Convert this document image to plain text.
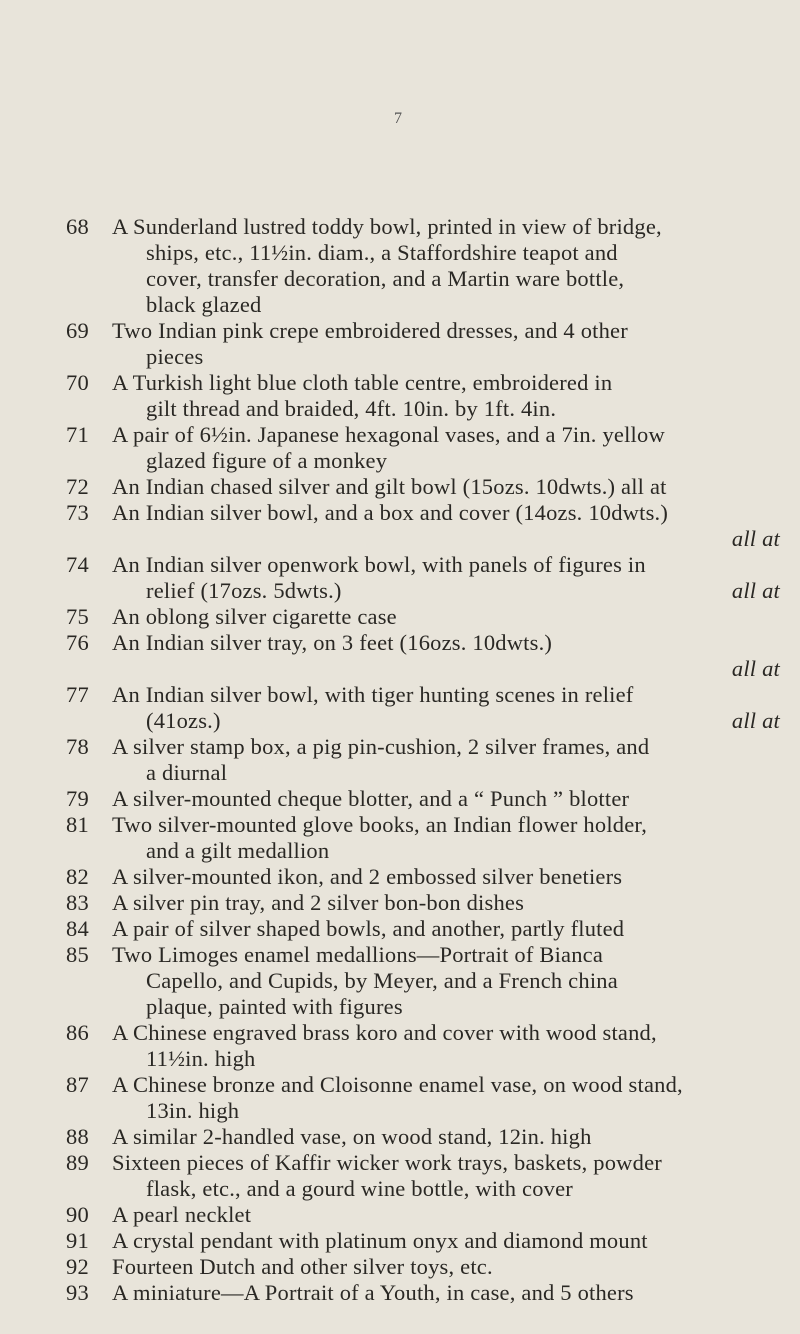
7
68	A Sunderland lustred toddy bowl, printed in view of bridge,
ships, etc., 11½in. diam., a Staffordshire teapot and
cover, transfer decoration, and a Martin ware bottle,
black glazed
69	Two Indian pink crepe embroidered dresses, and 4 other
pieces
70	A Turkish light blue cloth table centre, embroidered in
gilt thread and braided, 4ft. 10in. by 1ft. 4in.
71	A pair of 6½in. Japanese hexagonal vases, and a 7in. yellow
glazed figure of a monkey
72	An Indian chased silver and gilt bowl (15ozs. 10dwts.) all at
73	An Indian silver bowl, and a box and cover (14ozs. 10dwts.)
all at
74	An Indian silver openwork bowl, with panels of figures in
relief (17ozs. 5dwts.)	all at
75	An oblong silver cigarette case
76	An Indian silver tray, on 3 feet (16ozs. 10dwts.)
all at
77	An Indian silver bowl, with tiger hunting scenes in relief
(41ozs.)	all at
78	A silver stamp box, a pig pin-cushion, 2 silver frames, and
a diurnal
79	A silver-mounted cheque blotter, and a “ Punch ” blotter
81	Two silver-mounted glove books, an Indian flower holder,
and a gilt medallion
82	A silver-mounted ikon, and 2 embossed silver benetiers
83	A silver pin tray, and 2 silver bon-bon dishes
84	A pair of silver shaped bowls, and another, partly fluted
85	Two Limoges enamel medallions—Portrait of Bianca
Capello, and Cupids, by Meyer, and a French china
plaque, painted with figures
86	A Chinese engraved brass koro and cover with wood stand,
11½in. high
87	A Chinese bronze and Cloisonne enamel vase, on wood stand,
13in. high
88	A similar 2-handled vase, on wood stand, 12in. high
89	Sixteen pieces of Kaffir wicker work trays, baskets, powder
flask, etc., and a gourd wine bottle, with cover
90	A pearl necklet
91	A crystal pendant with platinum onyx and diamond mount
92	Fourteen Dutch and other silver toys, etc.
93	A miniature—A Portrait of a Youth, in case, and 5 others
